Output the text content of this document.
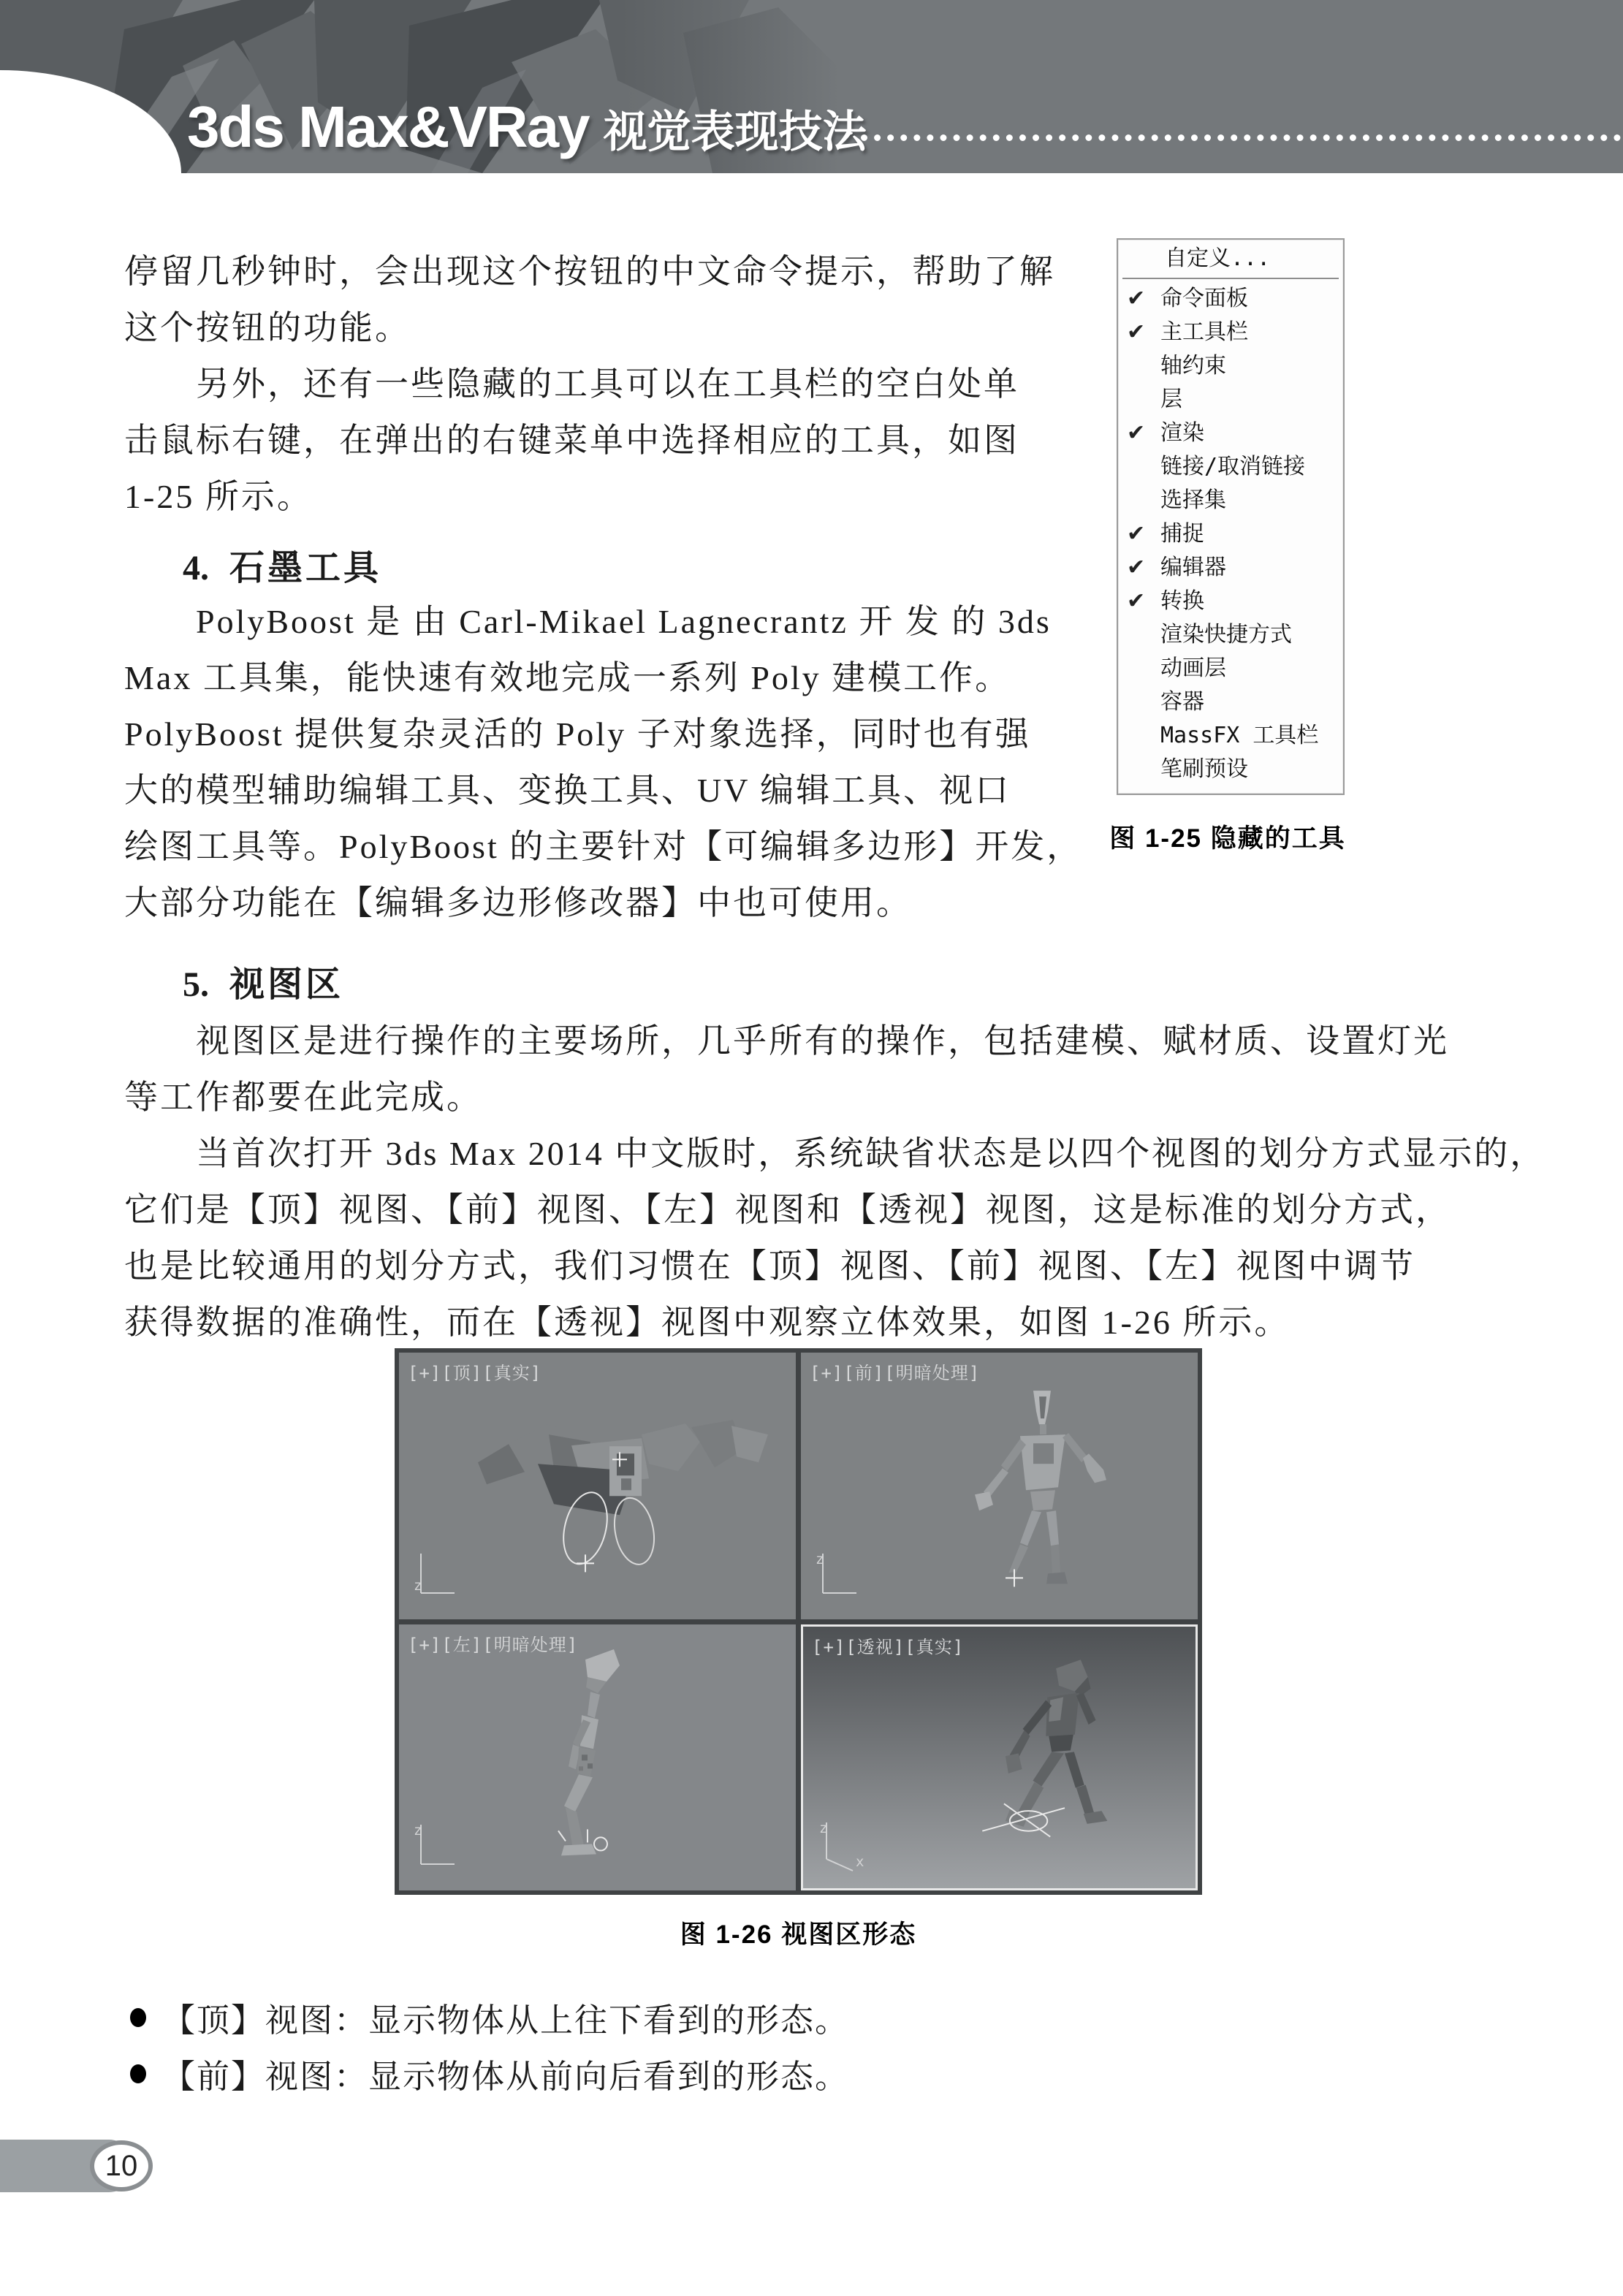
3ds Max&VRay 视觉表现技法
停留几秒钟时，会出现这个按钮的中文命令提示，帮助了解
这个按钮的功能。
　　另外，还有一些隐藏的工具可以在工具栏的空白处单
击鼠标右键，在弹出的右键菜单中选择相应的工具，如图
1-25 所示。
4. 石墨工具
　　PolyBoost 是 由 Carl-Mikael Lagnecrantz 开 发 的 3ds
Max 工具集，能快速有效地完成一系列 Poly 建模工作。
PolyBoost 提供复杂灵活的 Poly 子对象选择，同时也有强
大的模型辅助编辑工具、变换工具、UV 编辑工具、视口
绘图工具等。PolyBoost 的主要针对【可编辑多边形】开发，
大部分功能在【编辑多边形修改器】中也可使用。
自定义...
✔ 命令面板
✔ 主工具栏
轴约束
层
✔ 渲染
链接/取消链接
选择集
✔ 捕捉
✔ 编辑器
✔ 转换
渲染快捷方式
动画层
容器
MassFX 工具栏
笔刷预设
图 1-25 隐藏的工具
5. 视图区
　　视图区是进行操作的主要场所，几乎所有的操作，包括建模、赋材质、设置灯光
等工作都要在此完成。
　　当首次打开 3ds Max 2014 中文版时，系统缺省状态是以四个视图的划分方式显示的，
它们是【顶】视图、【前】视图、【左】视图和【透视】视图，这是标准的划分方式，
也是比较通用的划分方式，我们习惯在【顶】视图、【前】视图、【左】视图中调节
获得数据的准确性，而在【透视】视图中观察立体效果，如图 1-26 所示。
z
[+][顶][真实]
z
[+][前][明暗处理]
z
[+][左][明暗处理]
z
x
[+][透视][真实]
图 1-26 视图区形态
【顶】视图：显示物体从上往下看到的形态。
【前】视图：显示物体从前向后看到的形态。
10
